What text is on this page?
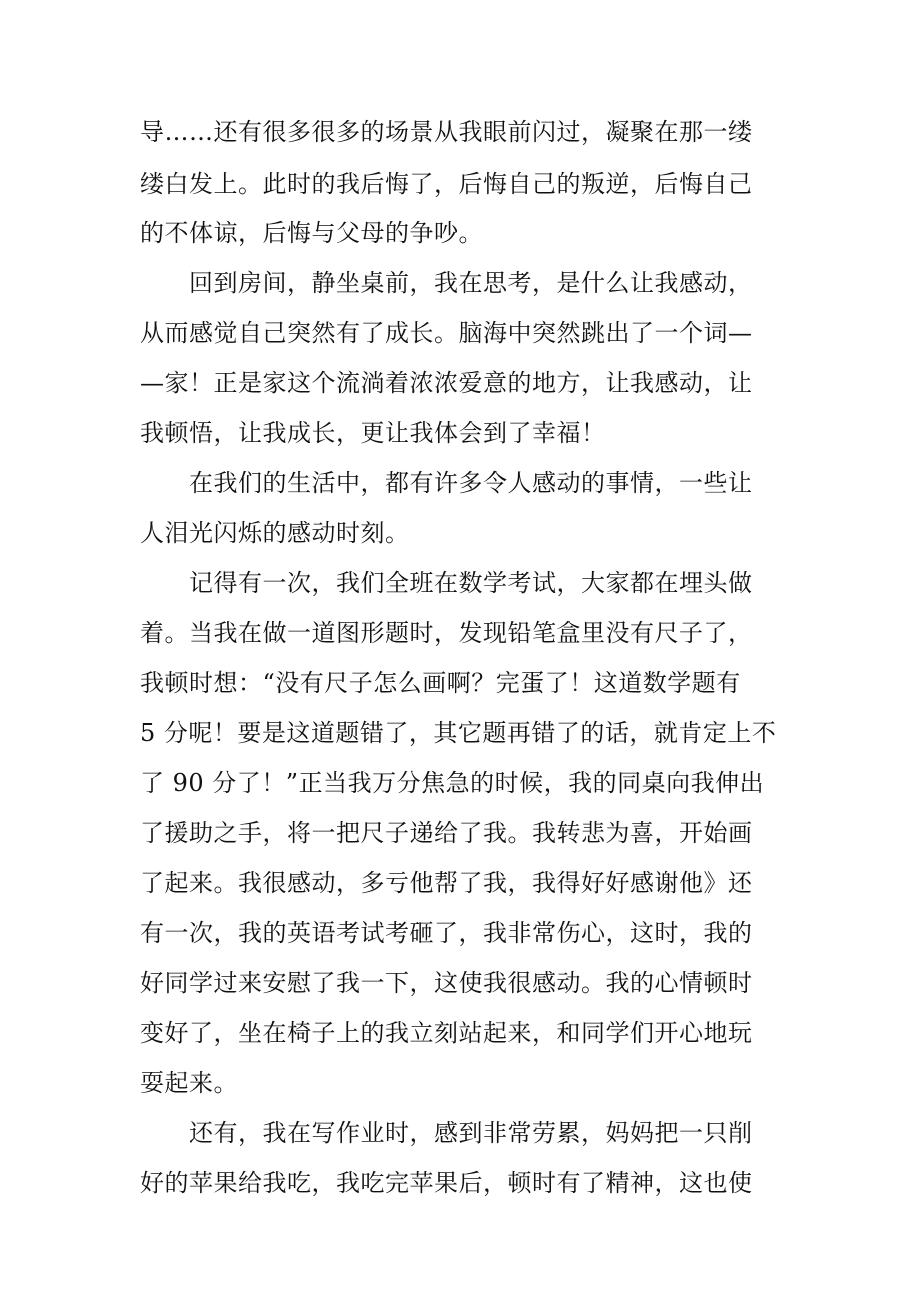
导……还有很多很多的场景从我眼前闪过，凝聚在那一缕
缕白发上。此时的我后悔了，后悔自己的叛逆，后悔自己
的不体谅，后悔与父母的争吵。
回到房间，静坐桌前，我在思考，是什么让我感动，
从而感觉自己突然有了成长。脑海中突然跳出了一个词—
—家！正是家这个流淌着浓浓爱意的地方，让我感动，让
我顿悟，让我成长，更让我体会到了幸福！
在我们的生活中，都有许多令人感动的事情，一些让
人泪光闪烁的感动时刻。
记得有一次，我们全班在数学考试，大家都在埋头做
着。当我在做一道图形题时，发现铅笔盒里没有尺子了，
我顿时想：“没有尺子怎么画啊？完蛋了！这道数学题有
5 分呢！要是这道题错了，其它题再错了的话，就肯定上不
了 90 分了！”正当我万分焦急的时候，我的同桌向我伸出
了援助之手，将一把尺子递给了我。我转悲为喜，开始画
了起来。我很感动，多亏他帮了我，我得好好感谢他》还
有一次，我的英语考试考砸了，我非常伤心，这时，我的
好同学过来安慰了我一下，这使我很感动。我的心情顿时
变好了，坐在椅子上的我立刻站起来，和同学们开心地玩
耍起来。
还有，我在写作业时，感到非常劳累，妈妈把一只削
好的苹果给我吃，我吃完苹果后，顿时有了精神，这也使
